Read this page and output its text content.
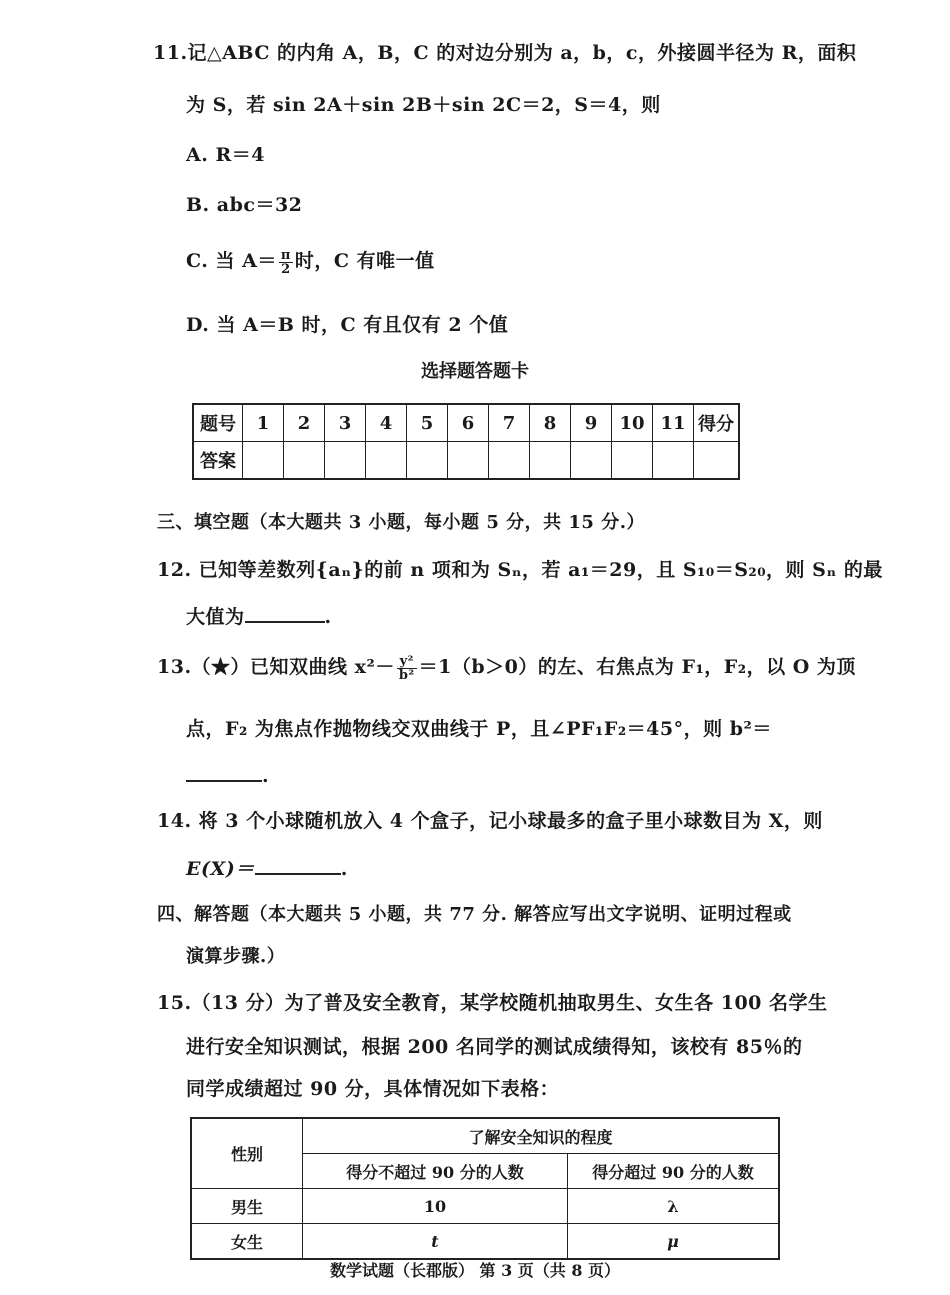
11.记△ABC 的内角 A，B，C 的对边分别为 a，b，c，外接圆半径为 R，面积
为 S，若 sin 2A＋sin 2B＋sin 2C＝2，S＝4，则
A. R＝4
B. abc＝32
C. 当 $A= \frac{\pi}{2}$ 时，C 有唯一值
D. 当 A＝B 时，C 有且仅有 2 个值
选择题答题卡
题号	1	2	3	4	5	6	7	8	9	10	11	得分
答案												
三、填空题（本大题共 3 小题，每小题 5 分，共 15 分.）
12. 已知等差数列{aₙ}的前 n 项和为 Sₙ，若 a₁＝29，且 S₁₀＝S₂₀，则 Sₙ 的最
大值为	.
13.（★）已知双曲线 $x^2- \frac{\text{y²}}{\text{b²}} =1(b>0)$的左、右焦点为 F₁，F₂，以 O 为顶
点，F₂ 为焦点作抛物线交双曲线于 P，且∠PF₁F₂＝45°，则 b²＝
.
14. 将 3 个小球随机放入 4 个盒子，记小球最多的盒子里小球数目为 X，则
E(X)＝	.
四、解答题（本大题共 5 小题，共 77 分. 解答应写出文字说明、证明过程或
演算步骤.）
15.（13 分）为了普及安全教育，某学校随机抽取男生、女生各 100 名学生
进行安全知识测试，根据 200 名同学的测试成绩得知，该校有 85％的
同学成绩超过 90 分，具体情况如下表格：
性别	了解安全知识的程度	
	得分不超过 90 分的人数	得分超过 90 分的人数
男生	10	λ
女生	t	μ
数学试题（长郡版） 第 3 页（共 8 页）
